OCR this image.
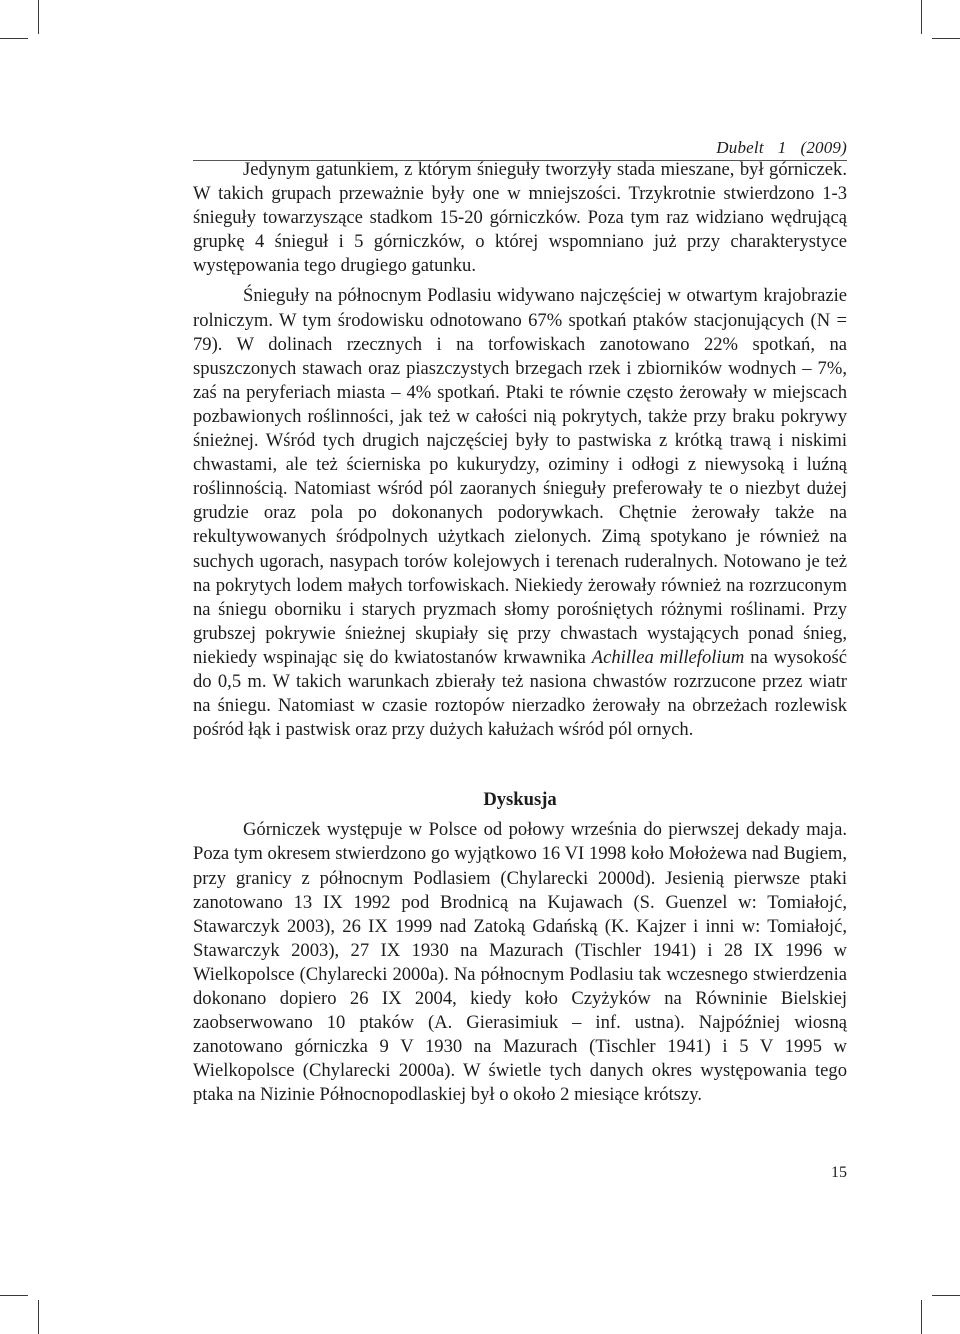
Dubelt 1 (2009)

Jedynym gatunkiem, z którym śnieguły tworzyły stada mieszane, był górniczek. W takich grupach przeważnie były one w mniejszości. Trzykrotnie stwierdzono 1-3 śnieguły towarzyszące stadkom 15-20 górniczków. Poza tym raz widziano wędrującą grupkę 4 śnieguł i 5 górniczków, o której wspomniano już przy charakterystyce występowania tego drugiego gatunku.

Śnieguły na północnym Podlasiu widywano najczęściej w otwartym krajobrazie rolniczym. W tym środowisku odnotowano 67% spotkań ptaków stacjonujących (N = 79). W dolinach rzecznych i na torfowiskach zanotowano 22% spotkań, na spuszczonych stawach oraz piaszczystych brzegach rzek i zbiorników wodnych – 7%, zaś na peryferiach miasta – 4% spotkań. Ptaki te równie często żerowały w miejscach pozbawionych roślinności, jak też w całości nią pokrytych, także przy braku pokrywy śnieżnej. Wśród tych drugich najczęściej były to pastwiska z krótką trawą i niskimi chwastami, ale też ścierniska po kukurydzy, oziminy i odłogi z niewysoką i luźną roślinnością. Natomiast wśród pól zaoranych śnieguły preferowały te o niezbyt dużej grudzie oraz pola po dokonanych podorywkach. Chętnie żerowały także na rekultywowanych śródpolnych użytkach zielonych. Zimą spotykano je również na suchych ugorach, nasypach torów kolejowych i terenach ruderalnych. Notowano je też na pokrytych lodem małych torfowiskach. Niekiedy żerowały również na rozrzuconym na śniegu oborniku i starych pryzmach słomy porośniętych różnymi roślinami. Przy grubszej pokrywie śnieżnej skupiały się przy chwastach wystających ponad śnieg, niekiedy wspinając się do kwiatostanów krwawnika Achillea millefolium na wysokość do 0,5 m. W takich warunkach zbierały też nasiona chwastów rozrzucone przez wiatr na śniegu. Natomiast w czasie roztopów nierzadko żerowały na obrzeżach rozlewisk pośród łąk i pastwisk oraz przy dużych kałużach wśród pól ornych.

Dyskusja

Górniczek występuje w Polsce od połowy września do pierwszej dekady maja. Poza tym okresem stwierdzono go wyjątkowo 16 VI 1998 koło Mołożewa nad Bugiem, przy granicy z północnym Podlasiem (Chylarecki 2000d). Jesienią pierwsze ptaki zanotowano 13 IX 1992 pod Brodnicą na Kujawach (S. Guenzel w: Tomiałojć, Stawarczyk 2003), 26 IX 1999 nad Zatoką Gdańską (K. Kajzer i inni w: Tomiałojć, Stawarczyk 2003), 27 IX 1930 na Mazurach (Tischler 1941) i 28 IX 1996 w Wielkopolsce (Chylarecki 2000a). Na północnym Podlasiu tak wczesnego stwierdzenia dokonano dopiero 26 IX 2004, kiedy koło Czyżyków na Równinie Bielskiej zaobserwowano 10 ptaków (A. Gierasimiuk – inf. ustna). Najpóźniej wiosną zanotowano górniczka 9 V 1930 na Mazurach (Tischler 1941) i 5 V 1995 w Wielkopolsce (Chylarecki 2000a). W świetle tych danych okres występowania tego ptaka na Nizinie Północnopodlaskiej był o około 2 miesiące krótszy.

15
